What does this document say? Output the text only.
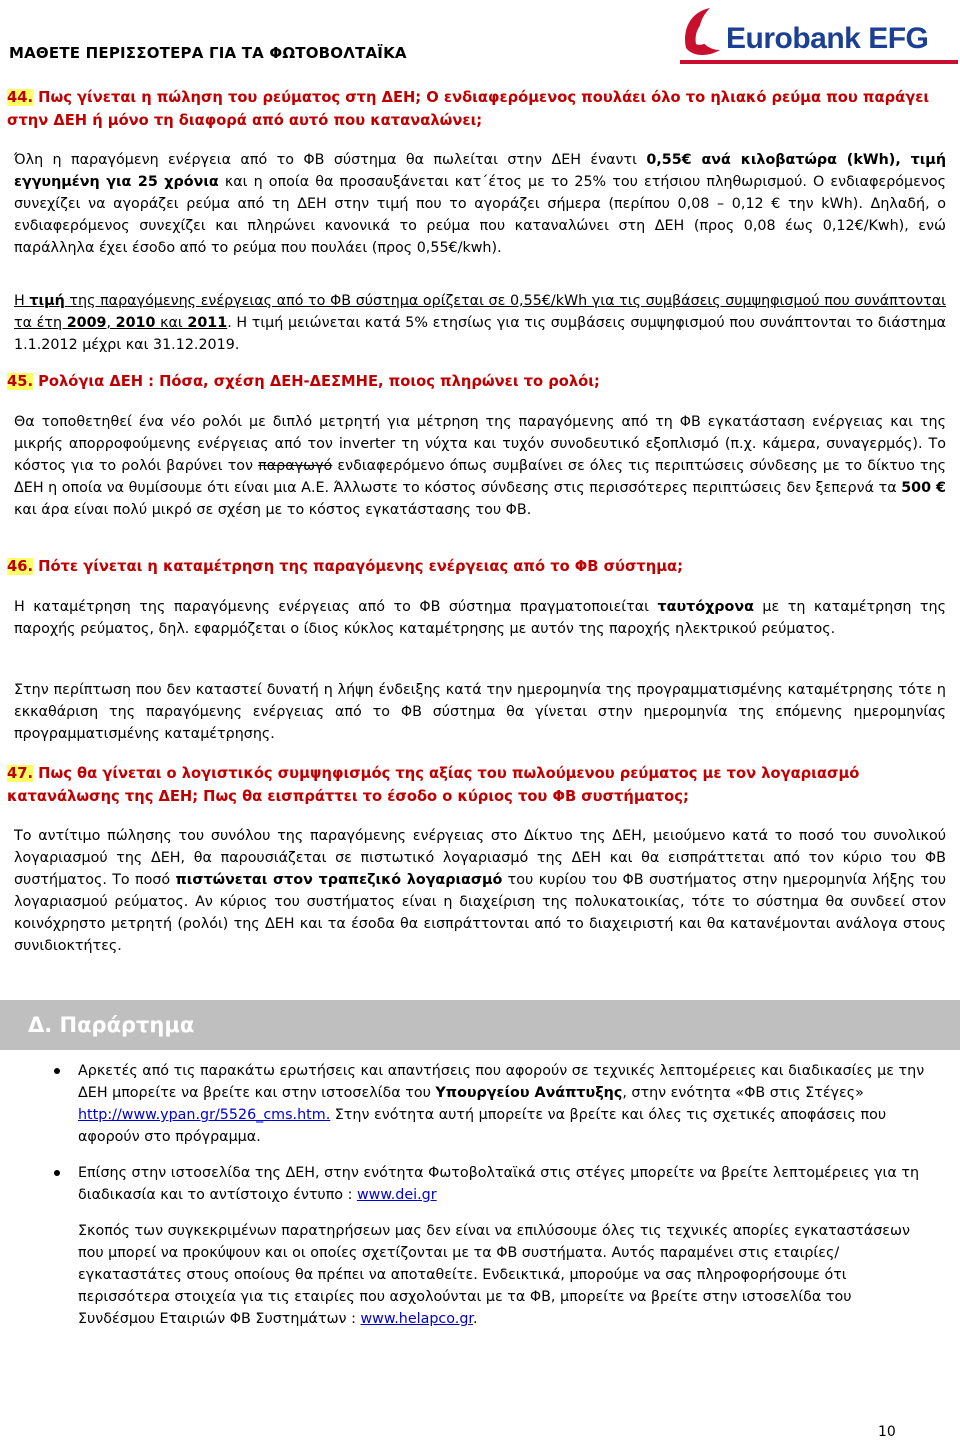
ΜΑΘΕΤΕ ΠΕΡΙΣΣΟΤΕΡΑ ΓΙΑ ΤΑ ΦΩΤΟΒΟΛΤΑΪΚΑ	Eurobank EFG
44. Πως γίνεται η πώληση του ρεύματος στη ΔΕΗ; Ο ενδιαφερόμενος πουλάει όλο το ηλιακό ρεύμα που παράγει στην ΔΕΗ ή μόνο τη διαφορά από αυτό που καταναλώνει;
Όλη η παραγόμενη ενέργεια από το ΦΒ σύστημα θα πωλείται στην ΔΕΗ έναντι 0,55€ ανά κιλοβατώρα (kWh), τιμή εγγυημένη για 25 χρόνια και η οποία θα προσαυξάνεται κατ΄έτος με το 25% του ετήσιου πληθωρισμού. Ο ενδιαφερόμενος συνεχίζει να αγοράζει ρεύμα από τη ΔΕΗ στην τιμή που το αγοράζει σήμερα (περίπου 0,08 – 0,12 € την kWh). Δηλαδή, ο ενδιαφερόμενος συνεχίζει και πληρώνει κανονικά το ρεύμα που καταναλώνει στη ΔΕΗ (προς 0,08 έως 0,12€/Kwh), ενώ παράλληλα έχει έσοδο από το ρεύμα που πουλάει (προς 0,55€/kwh).
Η τιμή της παραγόμενης ενέργειας από το ΦΒ σύστημα ορίζεται σε 0,55€/kWh για τις συμβάσεις συμψηφισμού που συνάπτονται τα έτη 2009, 2010 και 2011. Η τιμή μειώνεται κατά 5% ετησίως για τις συμβάσεις συμψηφισμού που συνάπτονται το διάστημα 1.1.2012 μέχρι και 31.12.2019.
45. Ρολόγια ΔΕΗ : Πόσα, σχέση ΔΕΗ-ΔΕΣΜΗΕ, ποιος πληρώνει το ρολόι;
Θα τοποθετηθεί ένα νέο ρολόι με διπλό μετρητή για μέτρηση της παραγόμενης από τη ΦΒ εγκατάσταση ενέργειας και της μικρής απορροφούμενης ενέργειας από τον inverter τη νύχτα και τυχόν συνοδευτικό εξοπλισμό (π.χ. κάμερα, συναγερμός). Το κόστος για το ρολόι βαρύνει τον παραγωγό ενδιαφερόμενο όπως συμβαίνει σε όλες τις περιπτώσεις σύνδεσης με το δίκτυο της ΔΕΗ η οποία να θυμίσουμε ότι είναι μια Α.Ε. Άλλωστε το κόστος σύνδεσης στις περισσότερες περιπτώσεις δεν ξεπερνά τα 500 € και άρα είναι πολύ μικρό σε σχέση με το κόστος εγκατάστασης του ΦΒ.
46. Πότε γίνεται η καταμέτρηση της παραγόμενης ενέργειας από το ΦΒ σύστημα;
Η καταμέτρηση της παραγόμενης ενέργειας από το ΦΒ σύστημα πραγματοποιείται ταυτόχρονα με τη καταμέτρηση της παροχής ρεύματος, δηλ. εφαρμόζεται ο ίδιος κύκλος καταμέτρησης με αυτόν της παροχής ηλεκτρικού ρεύματος.
Στην περίπτωση που δεν καταστεί δυνατή η λήψη ένδειξης κατά την ημερομηνία της προγραμματισμένης καταμέτρησης τότε η εκκαθάριση της παραγόμενης ενέργειας από το ΦΒ σύστημα θα γίνεται στην ημερομηνία της επόμενης ημερομηνίας προγραμματισμένης καταμέτρησης.
47. Πως θα γίνεται ο λογιστικός συμψηφισμός της αξίας του πωλούμενου ρεύματος με τον λογαριασμό κατανάλωσης της ΔΕΗ; Πως θα εισπράττει το έσοδο ο κύριος του ΦΒ συστήματος;
Το αντίτιμο πώλησης του συνόλου της παραγόμενης ενέργειας στο Δίκτυο της ΔΕΗ, μειούμενο κατά το ποσό του συνολικού λογαριασμού της ΔΕΗ, θα παρουσιάζεται σε πιστωτικό λογαριασμό της ΔΕΗ και θα εισπράττεται από τον κύριο του ΦΒ συστήματος. Το ποσό πιστώνεται στον τραπεζικό λογαριασμό του κυρίου του ΦΒ συστήματος στην ημερομηνία λήξης του λογαριασμού ρεύματος. Αν κύριος του συστήματος είναι η διαχείριση της πολυκατοικίας, τότε το σύστημα θα συνδεεί στον κοινόχρηστο μετρητή (ρολόι) της ΔΕΗ και τα έσοδα θα εισπράττονται από το διαχειριστή και θα κατανέμονται ανάλογα στους συνιδιοκτήτες.
Δ. Παράρτημα
Αρκετές από τις παρακάτω ερωτήσεις και απαντήσεις που αφορούν σε τεχνικές λεπτομέρειες και διαδικασίες με την ΔΕΗ μπορείτε να βρείτε και στην ιστοσελίδα του Υπουργείου Ανάπτυξης, στην ενότητα «ΦΒ στις Στέγες» http://www.ypan.gr/5526_cms.htm. Στην ενότητα αυτή μπορείτε να βρείτε και όλες τις σχετικές αποφάσεις που αφορούν στο πρόγραμμα.
Επίσης στην ιστοσελίδα της ΔΕΗ, στην ενότητα Φωτοβολταϊκά στις στέγες μπορείτε να βρείτε λεπτομέρειες για τη διαδικασία και το αντίστοιχο έντυπο : www.dei.gr
Σκοπός των συγκεκριμένων παρατηρήσεων μας δεν είναι να επιλύσουμε όλες τις τεχνικές απορίες εγκαταστάσεων που μπορεί να προκύψουν και οι οποίες σχετίζονται με τα ΦΒ συστήματα. Αυτός παραμένει στις εταιρίες/εγκαταστάτες στους οποίους θα πρέπει να αποταθείτε. Ενδεικτικά, μπορούμε να σας πληροφορήσουμε ότι περισσότερα στοιχεία για τις εταιρίες που ασχολούνται με τα ΦΒ, μπορείτε να βρείτε στην ιστοσελίδα του Συνδέσμου Εταιριών ΦΒ Συστημάτων : www.helapco.gr.
10
